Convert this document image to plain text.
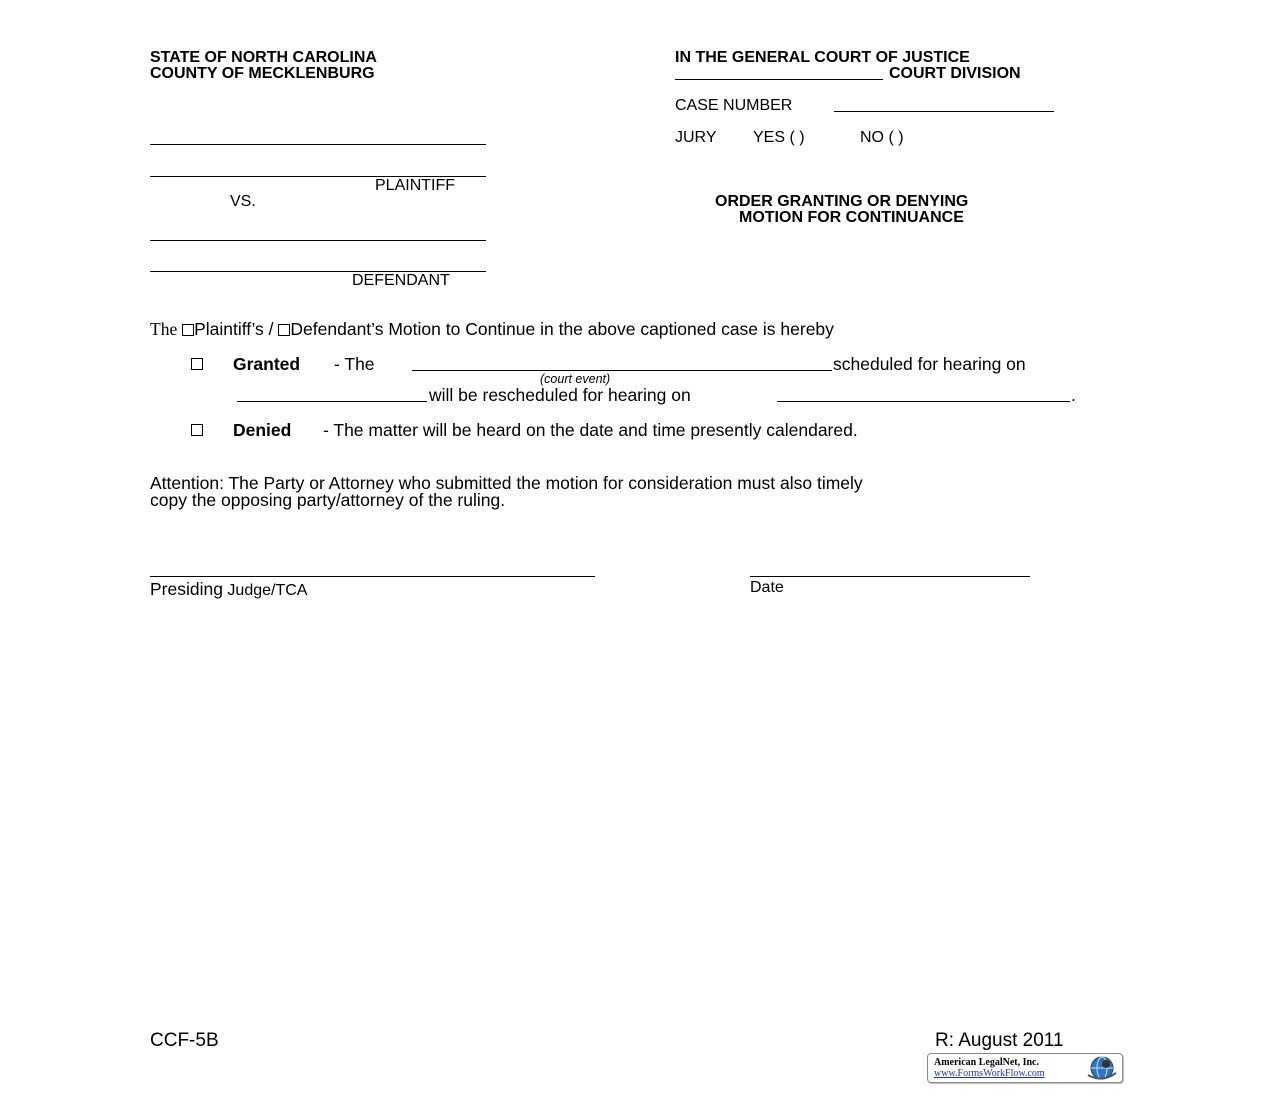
STATE OF NORTH CAROLINA
COUNTY OF MECKLENBURG
IN THE GENERAL COURT OF JUSTICE
COURT DIVISION
CASE NUMBER
JURY YES ( )	NO ( )
PLAINTIFF
VS.
DEFENDANT
ORDER GRANTING OR DENYING
MOTION FOR CONTINUANCE
The Plaintiff’s / Defendant’s Motion to Continue in the above captioned case is hereby
Granted - The	scheduled for hearing on
(court event)
will be rescheduled for hearing on	.
Denied - The matter will be heard on the date and time presently calendared.
Attention: The Party or Attorney who submitted the motion for consideration must also timely
copy the opposing party/attorney of the ruling.
Presiding Judge/TCA	Date
CCF-5B	R: August 2011
American LegalNet, Inc.
www.FormsWorkFlow.com
